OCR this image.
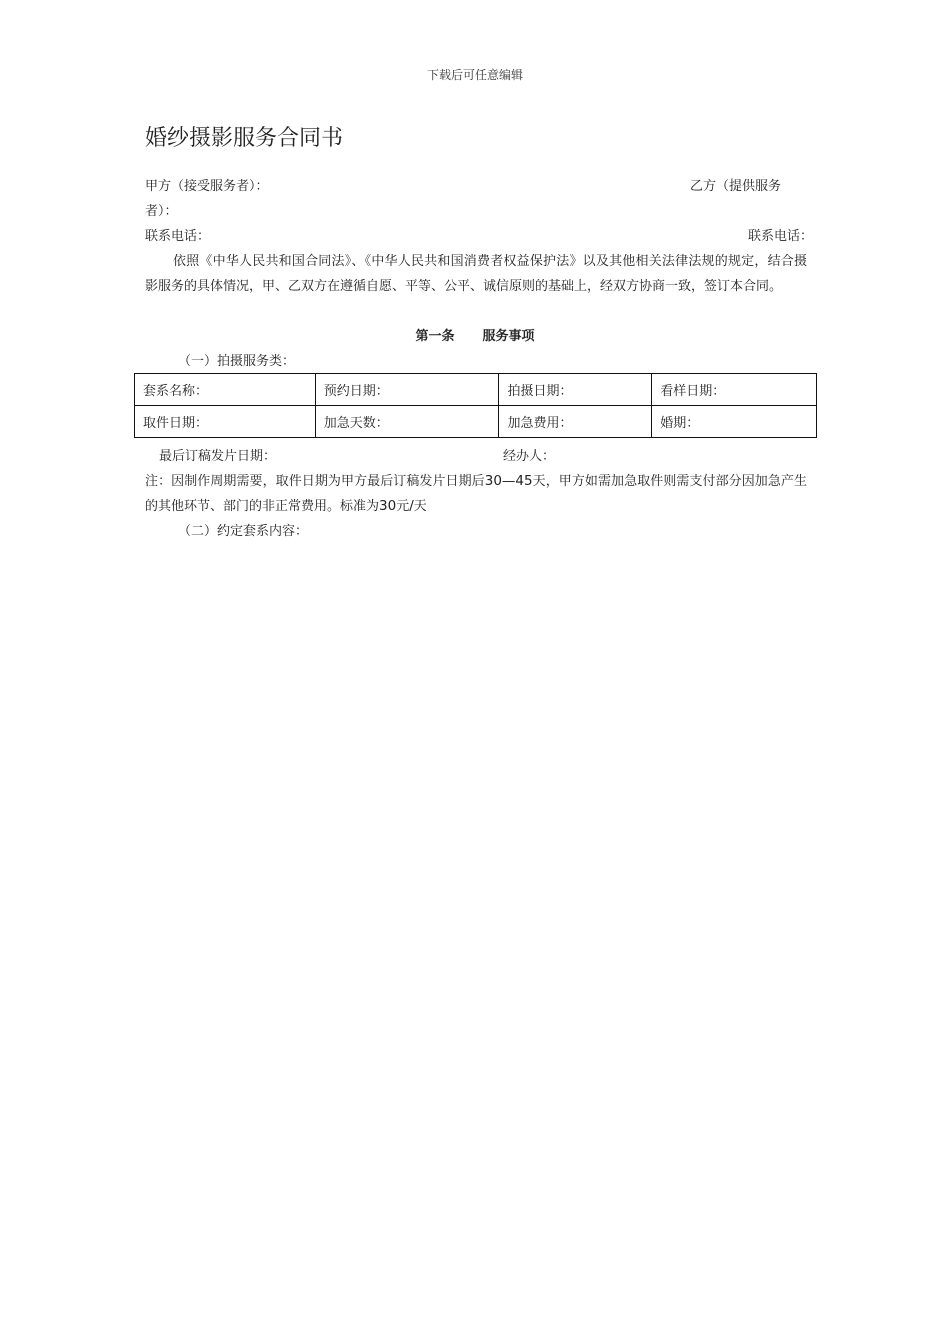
下载后可任意编辑
婚纱摄影服务合同书
甲方（接受服务者）：	乙方（提供服务
者）：
联系电话：	联系电话：
依照《中华人民共和国合同法》、《中华人民共和国消费者权益保护法》以及其他相关法律法规的规定，结合摄影服务的具体情况，甲、乙双方在遵循自愿、平等、公平、诚信原则的基础上，经双方协商一致，签订本合同。
第一条 服务事项
（一）拍摄服务类：
套系名称：	预约日期：	拍摄日期：	看样日期：
取件日期：	加急天数：	加急费用：	婚期：
最后订稿发片日期：	经办人：
注：因制作周期需要，取件日期为甲方最后订稿发片日期后30—45天，甲方如需加急取件则需支付部分因加急产生的其他环节、部门的非正常费用。标准为30元/天
（二）约定套系内容：
